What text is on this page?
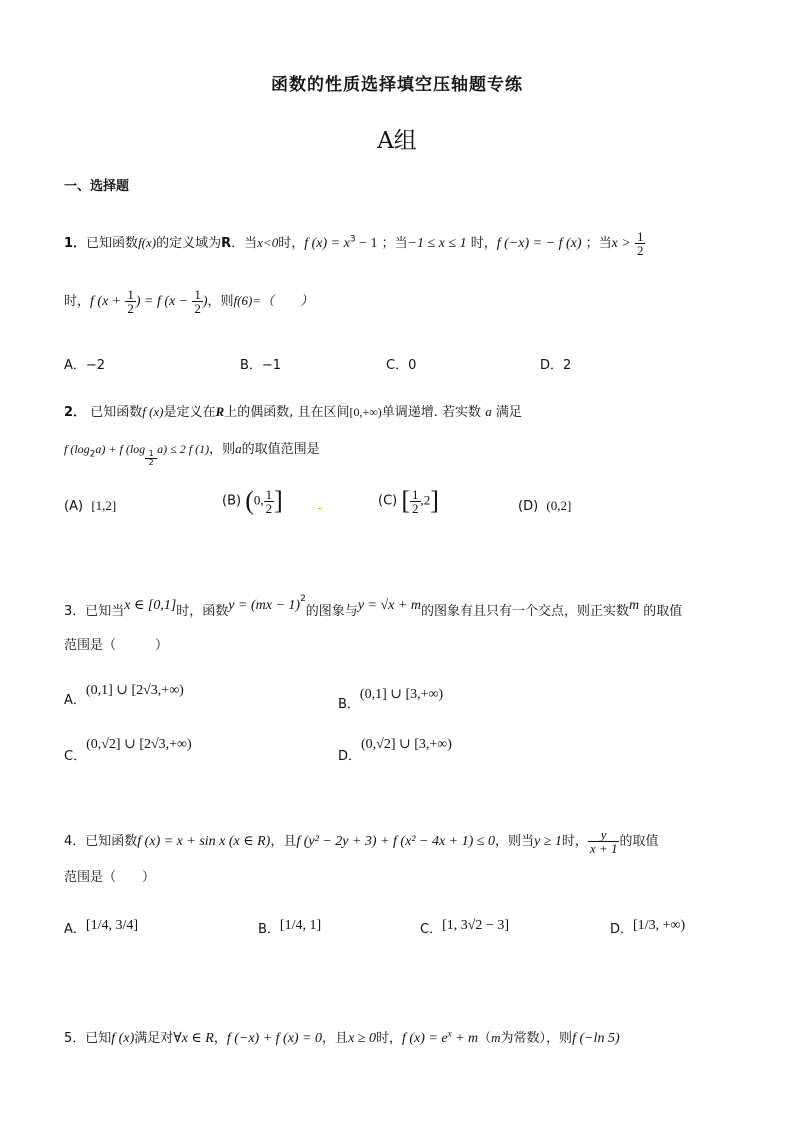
函数的性质选择填空压轴题专练
A组
一、选择题
1．已知函数f(x)的定义域为R．当x<0时，f $(x) = x^3 - 1$ ；当−1 ≤ x ≤ 1 时，f (−x) = − f (x) ；当$x > \frac{1}{2}$
时，f ($x + \frac{1}{2}$ ) = f ($x - \frac{1}{2}$ )，则f(6)=（　　）
A．−2	B．−1	C．0	D．2
2． 已知函数f (x)是定义在R上的偶函数, 且在区间[0,+∞)单调递增. 若实数 a 满足
f $(\log_2a) + f$ (log
$\frac{1}{2}$
a) ≤ 2 f (1)，则a的取值范围是
(A) [1,2]	(B) (0, $\frac{1}{2}$ ]	(C) [ $\frac{1}{2} ,2$]	(D) (0,2]
3．已知当x ∈ [0,1]时，函数y = (mx − 1)$^2$的图象与y = √x + m的图象有且只有一个交点，则正实数m 的取值
范围是（　　　）
A．(0,1] ∪ [2√3,+∞)
B．(0,1] ∪ [3,+∞)
C．(0,√2] ∪ [2√3,+∞)
D．(0,√2] ∪ [3,+∞)
4．已知函数f (x) = x + sin x (x ∈ R)，且f (y² − 2y + 3) + f (x² − 4x + 1) ≤ 0，则当y ≥ 1时， $\frac{y}{x + 1}$ 的取值
范围是（　　）
A．[1/4, 3/4]	B．[1/4, 1]	C．[1, 3√2 − 3]	D．[1/3, +∞)
5．已知f (x)满足对∀x ∈ R，f (−x) + f (x) = 0，且x ≥ 0时，f $(x) = e^x + m(m$为常数），则f (−ln 5)
